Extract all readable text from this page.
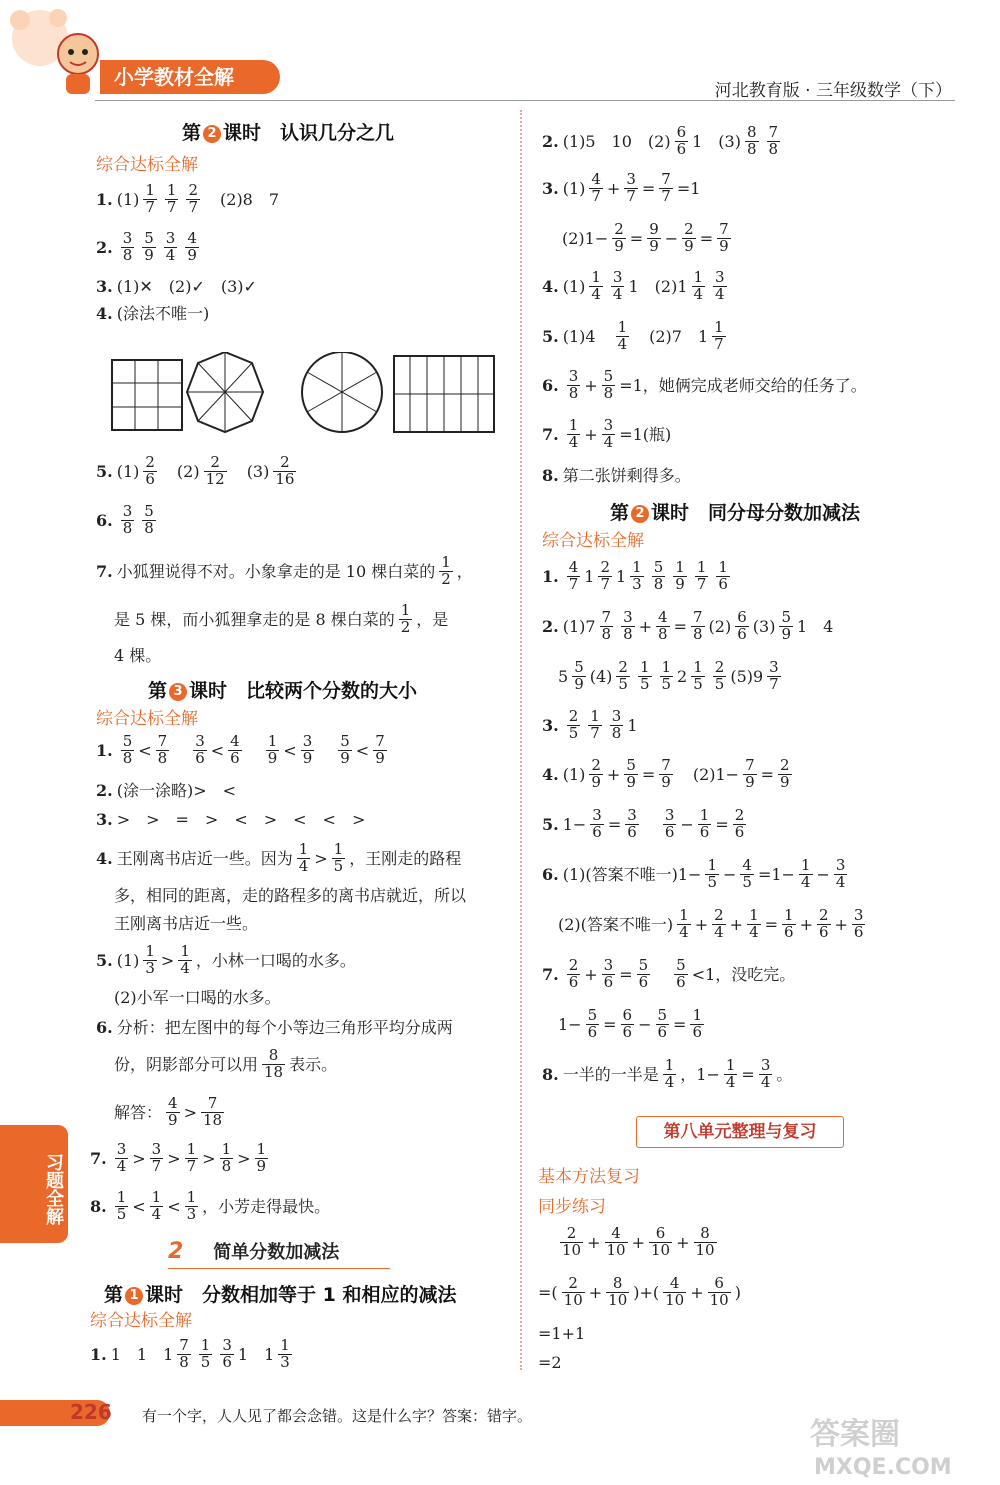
小学教材全解
河北教育版 · 三年级数学（下）
第 2 课时　认识几分之几
综合达标全解
1. $(1) \frac{1}{7} \frac{1}{7} \frac{2}{7}$ 　(2)8　7
2. $\frac{3}{8} \frac{5}{9} \frac{3}{4} \frac{4}{9}$
3. (1)✕　(2)✓　(3)✓
4. (涂法不唯一)
5. $(1) \frac{2}{6}$ 　$(2) \frac{2}{12}$ 　$(3) \frac{2}{16}$
6. $\frac{3}{8} \frac{5}{8}$
7. 小狐狸说得不对。小象拿走的是 10 棵白菜的 $\frac{1}{2}$ ，
是 5 棵，而小狐狸拿走的是 8 棵白菜的 $\frac{1}{2}$ ，是
4 棵。
第 3 课时　比较两个分数的大小
综合达标全解
1. $\frac{5}{8} < \frac{7}{8}$
　 $\frac{3}{6} < \frac{4}{6}$
　 $\frac{1}{9} < \frac{3}{9}$
　 $\frac{5}{9} < \frac{7}{9}$
2. (涂一涂略)>　<
3. >　>　=　>　<　>　<　<　>
4. 王刚离书店近一些。因为 $\frac{1}{4} > \frac{1}{5}$ ，王刚走的路程
多，相同的距离，走的路程多的离书店就近，所以
王刚离书店近一些。
5. $(1) \frac{1}{3} > \frac{1}{4}$ ，小林一口喝的水多。
(2)小军一口喝的水多。
6. 分析：把左图中的每个小等边三角形平均分成两
份，阴影部分可以用 $\frac{8}{18}$ 表示。
解答： $\frac{4}{9} > \frac{7}{18}$
7. $\frac{3}{4} > \frac{3}{7} > \frac{1}{7} > \frac{1}{8} > \frac{1}{9}$
8. $\frac{1}{5} < \frac{1}{4} < \frac{1}{3}$ ，小芳走得最快。
习题全解
2 简单分数加减法
第 1 课时　分数相加等于 1 和相应的减法
综合达标全解
1. 1　1　$1 \frac{7}{8} \frac{1}{5} \frac{3}{6} 1$　$1 \frac{1}{3}$
2. (1)5　10　$(2) \frac{6}{6} 1$　$(3) \frac{8}{8} \frac{7}{8}$
3. $(1) \frac{4}{7} + \frac{3}{7} = \frac{7}{7} =1$
$(2)1- \frac{2}{9} = \frac{9}{9} - \frac{2}{9} = \frac{7}{9}$
4. $(1) \frac{1}{4} \frac{3}{4} 1$　$(2)1 \frac{1}{4} \frac{3}{4}$
5. (1)4　 $\frac{1}{4}$ 　(2)7　$1 \frac{1}{7}$
6. $\frac{3}{8} + \frac{5}{8} =1$，她俩完成老师交给的任务了。
7. $\frac{1}{4} + \frac{3}{4} =1$(瓶)
8. 第二张饼剩得多。
第 2 课时　同分母分数加减法
综合达标全解
1. $\frac{4}{7} 1 \frac{2}{7} 1 \frac{1}{3} \frac{5}{8} \frac{1}{9} \frac{1}{7} \frac{1}{6}$
2. $(1)7 \frac{7}{8} \frac{3}{8} + \frac{4}{8} = \frac{7}{8} (2) \frac{6}{6} (3) \frac{5}{9} 1$　4
$5 \frac{5}{9} (4) \frac{2}{5} \frac{1}{5} \frac{1}{5} 2 \frac{1}{5} \frac{2}{5} (5)9 \frac{3}{7}$
3. $\frac{2}{5} \frac{1}{7} \frac{3}{8} 1$
4. $(1) \frac{2}{9} + \frac{5}{9} = \frac{7}{9}$ 　$(2)1- \frac{7}{9} = \frac{2}{9}$
5. $1- \frac{3}{6} = \frac{3}{6}$
　 $\frac{3}{6} - \frac{1}{6} = \frac{2}{6}$
6. (1)(答案不唯一)$1- \frac{1}{5} - \frac{4}{5} =1- \frac{1}{4} - \frac{3}{4}$
(2)(答案不唯一) $\frac{1}{4} + \frac{2}{4} + \frac{1}{4} = \frac{1}{6} + \frac{2}{6} + \frac{3}{6}$
7. $\frac{2}{6} + \frac{3}{6} = \frac{5}{6}$
　 $\frac{5}{6} <1$，没吃完。
$1- \frac{5}{6} = \frac{6}{6} - \frac{5}{6} = \frac{1}{6}$
8. 一半的一半是 $\frac{1}{4}$ ，$1- \frac{1}{4} = \frac{3}{4}$ 。
第八单元整理与复习
基本方法复习
同步练习
$\frac{2}{10} + \frac{4}{10} + \frac{6}{10} + \frac{8}{10}$
=( $\frac{2}{10} + \frac{8}{10}$ )+( $\frac{4}{10} + \frac{6}{10}$ )
=1+1
=2
226 有一个字，人人见了都会念错。这是什么字？答案：错字。
答案圈
MXQE.COM
